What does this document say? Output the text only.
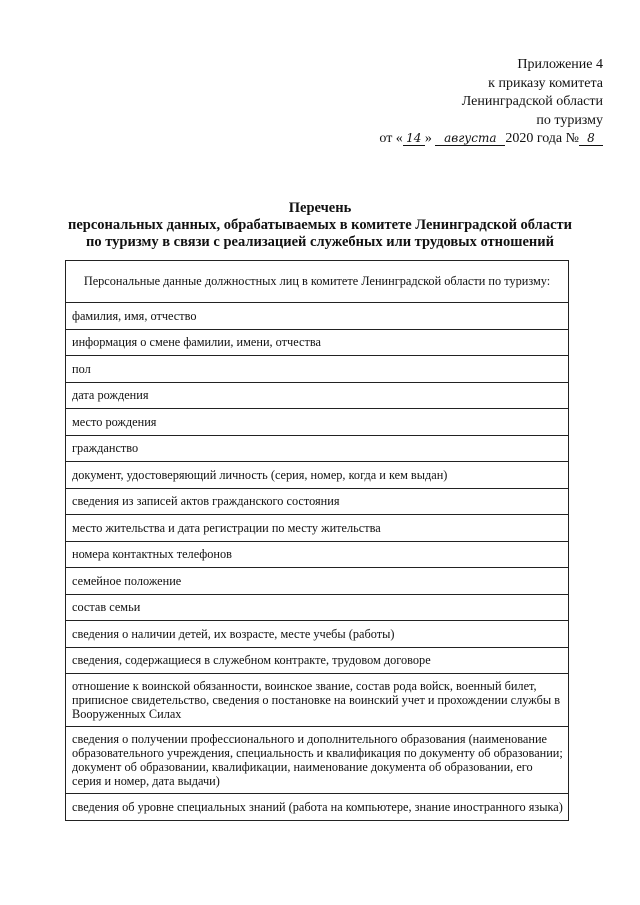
Приложение 4
к приказу комитета
Ленинградской области
по туризму
от « 14 » августа 2020 года № 8
Перечень
персональных данных, обрабатываемых в комитете Ленинградской области
по туризму в связи с реализацией служебных или трудовых отношений
Персональные данные должностных лиц в комитете Ленинградской области по туризму:
фамилия, имя, отчество
информация о смене фамилии, имени, отчества
пол
дата рождения
место рождения
гражданство
документ, удостоверяющий личность (серия, номер, когда и кем выдан)
сведения из записей актов гражданского состояния
место жительства и дата регистрации по месту жительства
номера контактных телефонов
семейное положение
состав семьи
сведения о наличии детей, их возрасте, месте учебы (работы)
сведения, содержащиеся в служебном контракте, трудовом договоре
отношение к воинской обязанности, воинское звание, состав рода войск, военный билет, приписное свидетельство, сведения о постановке на воинский учет и прохождении службы в Вооруженных Силах
сведения о получении профессионального и дополнительного образования (наименование образовательного учреждения, специальность и квалификация по документу об образовании; документ об образовании, квалификации, наименование документа об образовании, его серия и номер, дата выдачи)
сведения об уровне специальных знаний (работа на компьютере, знание иностранного языка)
